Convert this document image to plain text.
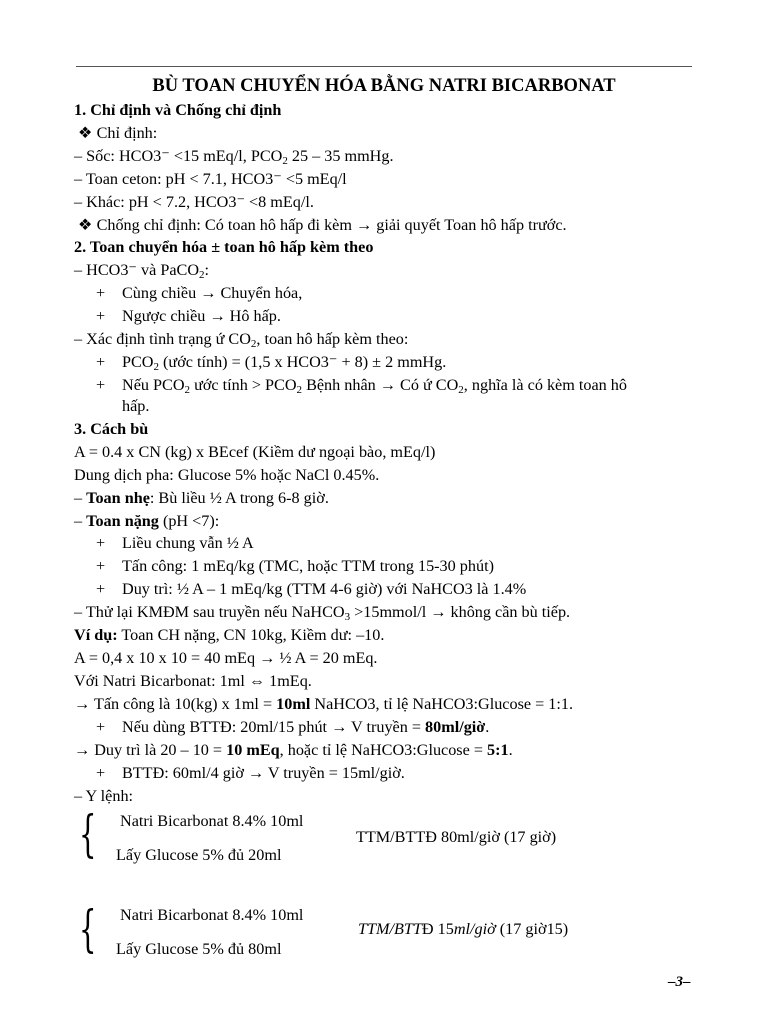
BÙ TOAN CHUYỂN HÓA BẰNG NATRI BICARBONAT
1. Chỉ định và Chống chỉ định
❖ Chỉ định:
– Sốc: HCO3⁻ <15 mEq/l, $PCO_2$ 25 – 35 mmHg.
– Toan ceton: pH < 7.1, HCO3⁻ <5 mEq/l
– Khác: pH < 7.2, HCO3⁻ <8 mEq/l.
❖ Chống chỉ định: Có toan hô hấp đi kèm → giải quyết Toan hô hấp trước.
2. Toan chuyển hóa ± toan hô hấp kèm theo
– HCO3⁻ và PaCO$_2$:
+ Cùng chiều → Chuyển hóa,
+ Ngược chiều → Hô hấp.
– Xác định tình trạng ứ $CO_2$, toan hô hấp kèm theo:
+ $PCO_2$ (ước tính) = (1,5 x HCO3⁻ + 8) ± 2 mmHg.
+ Nếu $PCO_2$ ước tính > $PCO_2$ Bệnh nhân → Có ứ $CO_2$, nghĩa là có kèm toan hô
hấp.
3. Cách bù
A = 0.4 x CN (kg) x BEcef (Kiềm dư ngoại bào, mEq/l)
Dung dịch pha: Glucose 5% hoặc NaCl 0.45%.
– Toan nhẹ: Bù liều ½ A trong 6-8 giờ.
– Toan nặng (pH <7):
+ Liều chung vẫn ½ A
+ Tấn công: 1 mEq/kg (TMC, hoặc TTM trong 15-30 phút)
+ Duy trì: ½ A – 1 mEq/kg (TTM 4-6 giờ) với NaHCO3 là 1.4%
– Thử lại KMĐM sau truyền nếu NaHCO$_3$ >15mmol/l → không cần bù tiếp.
Ví dụ: Toan CH nặng, CN 10kg, Kiềm dư: –10.
A = 0,4 x 10 x 10 = 40 mEq → ½ A = 20 mEq.
Với Natri Bicarbonat: 1ml ⇔ 1mEq.
→ Tấn công là 10(kg) x 1ml = 10ml NaHCO3, tỉ lệ NaHCO3:Glucose = 1:1.
+ Nếu dùng BTTĐ: 20ml/15 phút → V truyền = 80ml/giờ.
→ Duy trì là 20 – 10 = 10 mEq, hoặc tỉ lệ NaHCO3:Glucose = 5:1.
+ BTTĐ: 60ml/4 giờ → V truyền = 15ml/giờ.
– Y lệnh:
{ Natri Bicarbonat 8.4% 10ml
Lấy Glucose 5% đủ 20ml
TTM/BTTĐ 80ml/giờ (17 giờ)
{ Natri Bicarbonat 8.4% 10ml
Lấy Glucose 5% đủ 80ml
TTM/BTTĐ 15ml/giờ (17 giờ15)
–3–
